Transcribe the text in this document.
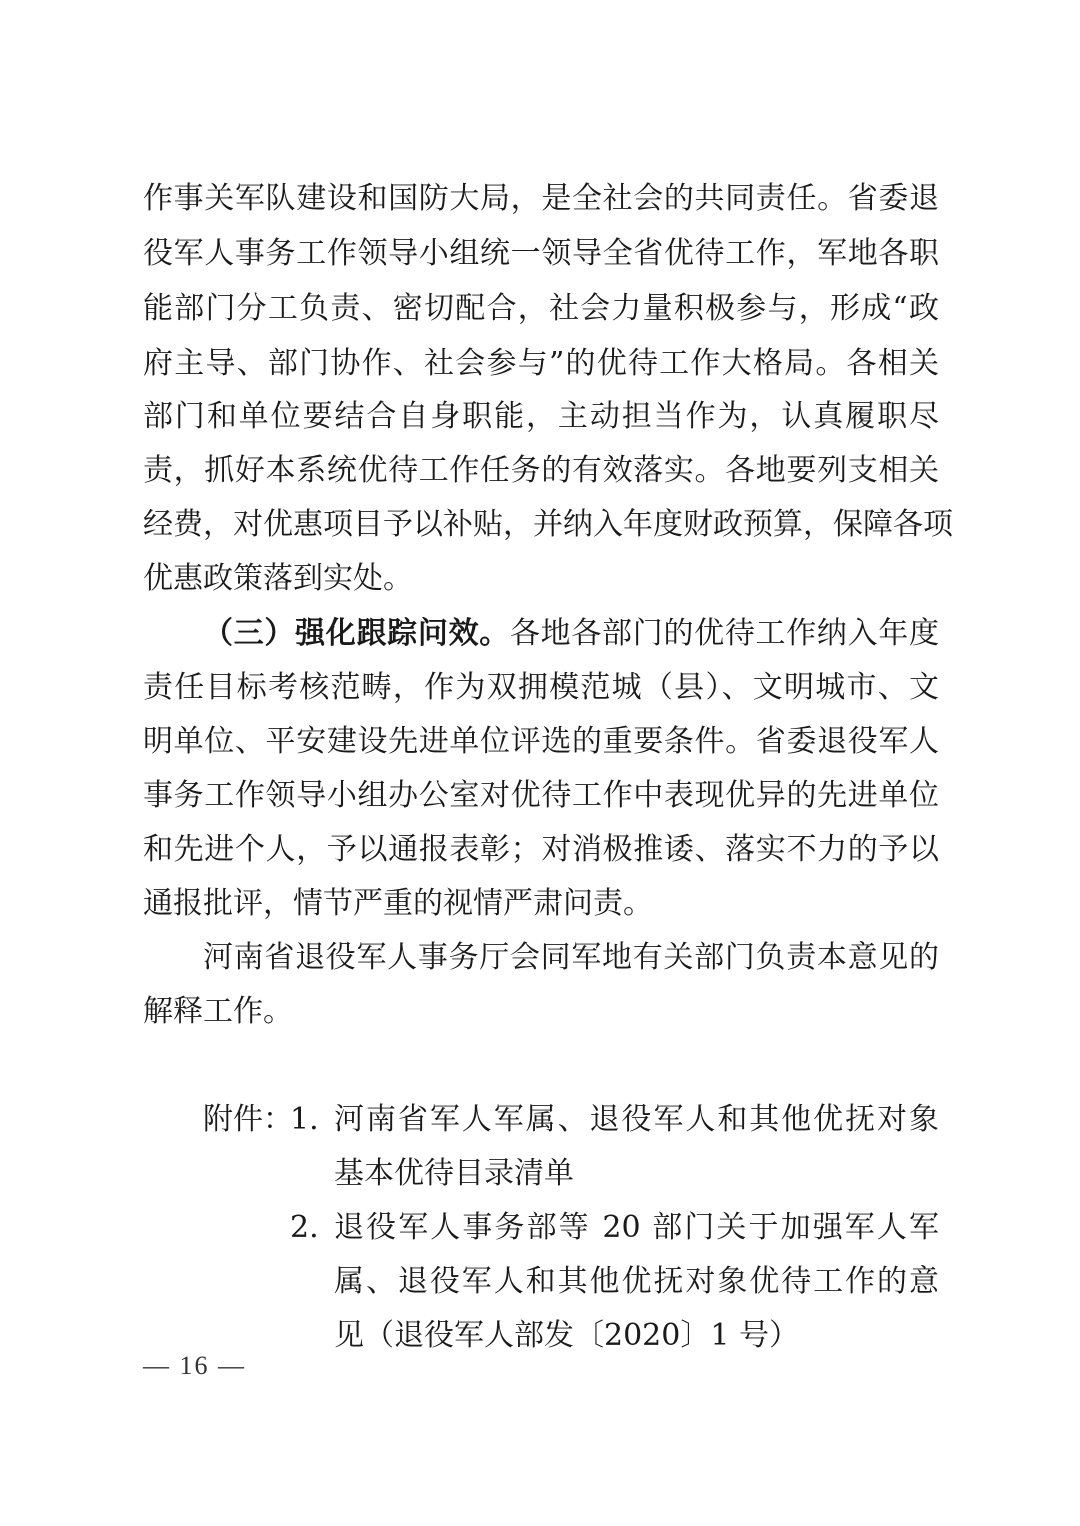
作事关军队建设和国防大局，是全社会的共同责任。省委退
役军人事务工作领导小组统一领导全省优待工作，军地各职
能部门分工负责、密切配合，社会力量积极参与，形成“政
府主导、部门协作、社会参与”的优待工作大格局。各相关
部门和单位要结合自身职能，主动担当作为，认真履职尽
责，抓好本系统优待工作任务的有效落实。各地要列支相关
经费，对优惠项目予以补贴，并纳入年度财政预算，保障各项
优惠政策落到实处。
（三）强化跟踪问效。各地各部门的优待工作纳入年度
责任目标考核范畴，作为双拥模范城（县）、文明城市、文
明单位、平安建设先进单位评选的重要条件。省委退役军人
事务工作领导小组办公室对优待工作中表现优异的先进单位
和先进个人，予以通报表彰；对消极推诿、落实不力的予以
通报批评，情节严重的视情严肃问责。
河南省退役军人事务厅会同军地有关部门负责本意见的
解释工作。
附件：
1. 河南省军人军属、退役军人和其他优抚对象
基本优待目录清单
2. 退役军人事务部等 20 部门关于加强军人军
属、退役军人和其他优抚对象优待工作的意
见（退役军人部发〔2020〕1 号）
— 16 —
